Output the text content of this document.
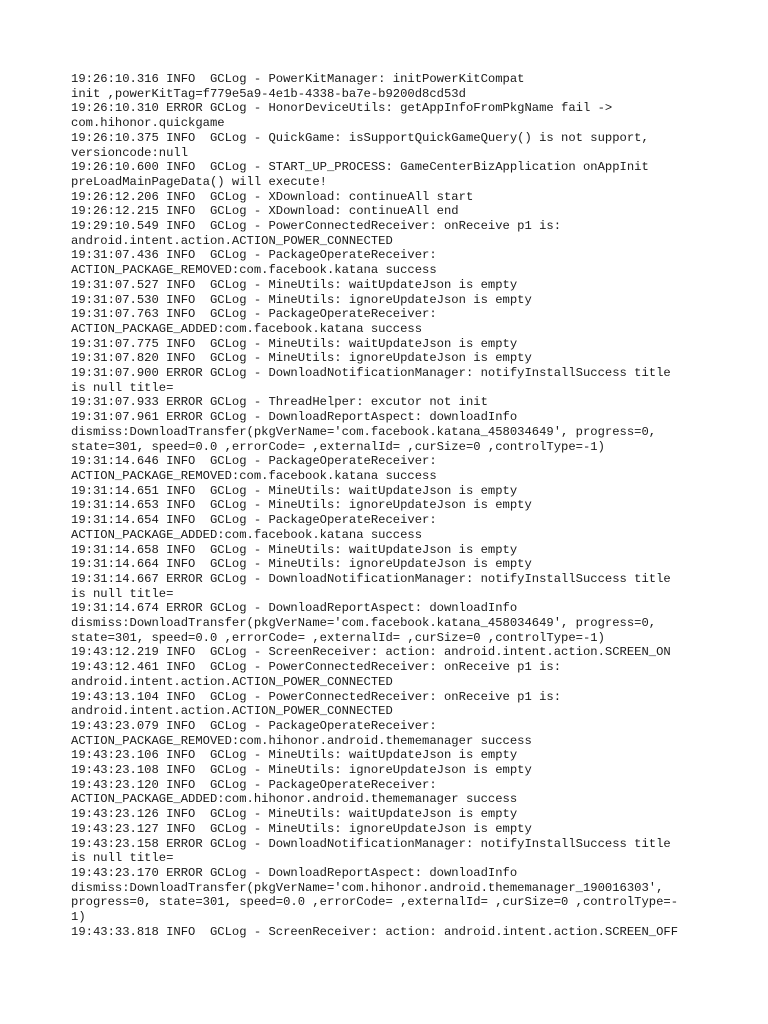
19:26:10.316 INFO  GCLog - PowerKitManager: initPowerKitCompat
init ,powerKitTag=f779e5a9-4e1b-4338-ba7e-b9200d8cd53d
19:26:10.310 ERROR GCLog - HonorDeviceUtils: getAppInfoFromPkgName fail ->
com.hihonor.quickgame
19:26:10.375 INFO  GCLog - QuickGame: isSupportQuickGameQuery() is not support,
versioncode:null
19:26:10.600 INFO  GCLog - START_UP_PROCESS: GameCenterBizApplication onAppInit
preLoadMainPageData() will execute!
19:26:12.206 INFO  GCLog - XDownload: continueAll start
19:26:12.215 INFO  GCLog - XDownload: continueAll end
19:29:10.549 INFO  GCLog - PowerConnectedReceiver: onReceive p1 is:
android.intent.action.ACTION_POWER_CONNECTED
19:31:07.436 INFO  GCLog - PackageOperateReceiver:
ACTION_PACKAGE_REMOVED:com.facebook.katana success
19:31:07.527 INFO  GCLog - MineUtils: waitUpdateJson is empty
19:31:07.530 INFO  GCLog - MineUtils: ignoreUpdateJson is empty
19:31:07.763 INFO  GCLog - PackageOperateReceiver:
ACTION_PACKAGE_ADDED:com.facebook.katana success
19:31:07.775 INFO  GCLog - MineUtils: waitUpdateJson is empty
19:31:07.820 INFO  GCLog - MineUtils: ignoreUpdateJson is empty
19:31:07.900 ERROR GCLog - DownloadNotificationManager: notifyInstallSuccess title
is null title=
19:31:07.933 ERROR GCLog - ThreadHelper: excutor not init
19:31:07.961 ERROR GCLog - DownloadReportAspect: downloadInfo
dismiss:DownloadTransfer(pkgVerName='com.facebook.katana_458034649', progress=0,
state=301, speed=0.0 ,errorCode= ,externalId= ,curSize=0 ,controlType=-1)
19:31:14.646 INFO  GCLog - PackageOperateReceiver:
ACTION_PACKAGE_REMOVED:com.facebook.katana success
19:31:14.651 INFO  GCLog - MineUtils: waitUpdateJson is empty
19:31:14.653 INFO  GCLog - MineUtils: ignoreUpdateJson is empty
19:31:14.654 INFO  GCLog - PackageOperateReceiver:
ACTION_PACKAGE_ADDED:com.facebook.katana success
19:31:14.658 INFO  GCLog - MineUtils: waitUpdateJson is empty
19:31:14.664 INFO  GCLog - MineUtils: ignoreUpdateJson is empty
19:31:14.667 ERROR GCLog - DownloadNotificationManager: notifyInstallSuccess title
is null title=
19:31:14.674 ERROR GCLog - DownloadReportAspect: downloadInfo
dismiss:DownloadTransfer(pkgVerName='com.facebook.katana_458034649', progress=0,
state=301, speed=0.0 ,errorCode= ,externalId= ,curSize=0 ,controlType=-1)
19:43:12.219 INFO  GCLog - ScreenReceiver: action: android.intent.action.SCREEN_ON
19:43:12.461 INFO  GCLog - PowerConnectedReceiver: onReceive p1 is:
android.intent.action.ACTION_POWER_CONNECTED
19:43:13.104 INFO  GCLog - PowerConnectedReceiver: onReceive p1 is:
android.intent.action.ACTION_POWER_CONNECTED
19:43:23.079 INFO  GCLog - PackageOperateReceiver:
ACTION_PACKAGE_REMOVED:com.hihonor.android.thememanager success
19:43:23.106 INFO  GCLog - MineUtils: waitUpdateJson is empty
19:43:23.108 INFO  GCLog - MineUtils: ignoreUpdateJson is empty
19:43:23.120 INFO  GCLog - PackageOperateReceiver:
ACTION_PACKAGE_ADDED:com.hihonor.android.thememanager success
19:43:23.126 INFO  GCLog - MineUtils: waitUpdateJson is empty
19:43:23.127 INFO  GCLog - MineUtils: ignoreUpdateJson is empty
19:43:23.158 ERROR GCLog - DownloadNotificationManager: notifyInstallSuccess title
is null title=
19:43:23.170 ERROR GCLog - DownloadReportAspect: downloadInfo
dismiss:DownloadTransfer(pkgVerName='com.hihonor.android.thememanager_190016303',
progress=0, state=301, speed=0.0 ,errorCode= ,externalId= ,curSize=0 ,controlType=-
1)
19:43:33.818 INFO  GCLog - ScreenReceiver: action: android.intent.action.SCREEN_OFF
